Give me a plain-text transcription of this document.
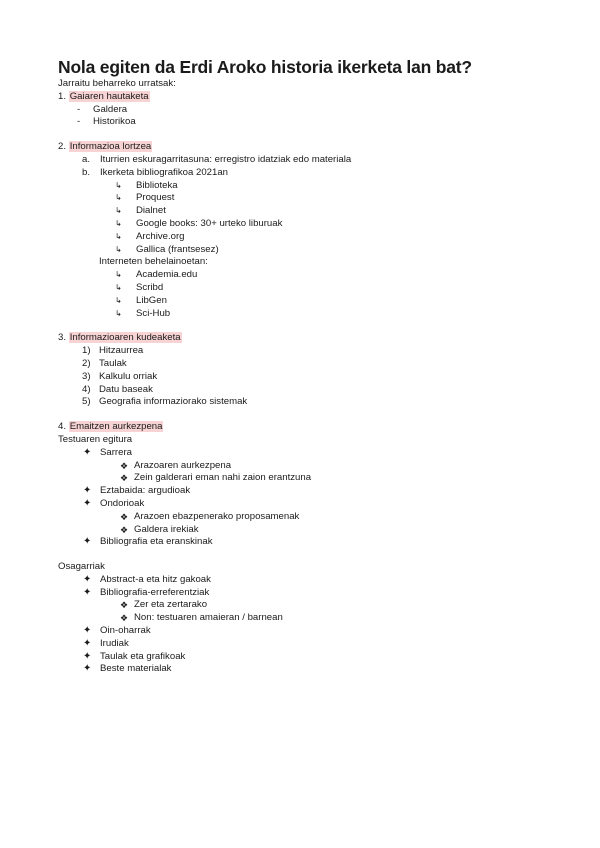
Nola egiten da Erdi Aroko historia ikerketa lan bat?
Jarraitu beharreko urratsak:
1. Gaiaren hautaketa
- Galdera
- Historikoa
2. Informazioa lortzea
a. Iturrien eskuragarritasuna: erregistro idatziak edo materiala
b. Ikerketa bibliografikoa 2021an
↳ Biblioteka
↳ Proquest
↳ Dialnet
↳ Google books: 30+ urteko liburuak
↳ Archive.org
↳ Gallica (frantsesez)
Interneten behelainoetan:
↳ Academia.edu
↳ Scribd
↳ LibGen
↳ Sci-Hub
3. Informazioaren kudeaketa
1) Hitzaurrea
2) Taulak
3) Kalkulu orriak
4) Datu baseak
5) Geografia informaziorako sistemak
4. Emaitzen aurkezpena
Testuaren egitura
✦ Sarrera
❖ Arazoaren aurkezpena
❖ Zein galderari eman nahi zaion erantzuna
✦ Eztabaida: argudioak
✦ Ondorioak
❖ Arazoen ebazpenerako proposamenak
❖ Galdera irekiak
✦ Bibliografia eta eranskinak
Osagarriak
✦ Abstract-a eta hitz gakoak
✦ Bibliografia-erreferentziak
❖ Zer eta zertarako
❖ Non: testuaren amaieran / barnean
✦ Oin-oharrak
✦ Irudiak
✦ Taulak eta grafikoak
✦ Beste materialak
